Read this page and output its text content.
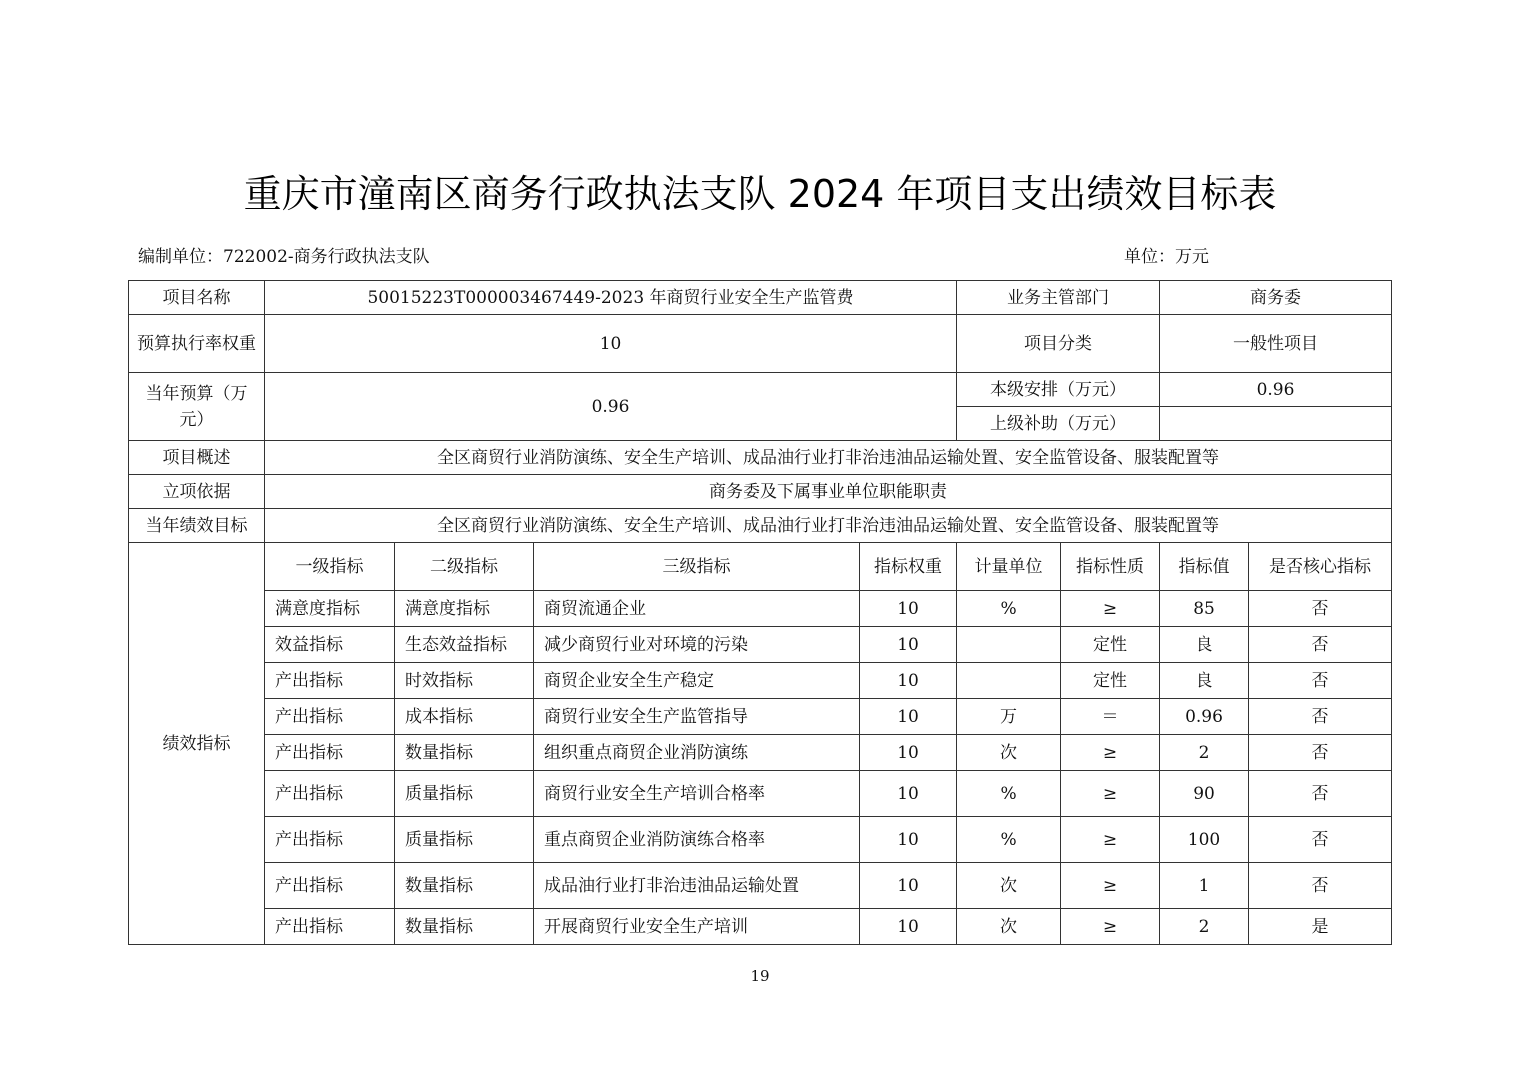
重庆市潼南区商务行政执法支队 2024 年项目支出绩效目标表
编制单位：722002-商务行政执法支队	单位：万元
项目名称	50015223T000003467449-2023 年商贸行业安全生产监管费				业务主管部门		商务委	
预算执行率权重	10				项目分类		一般性项目	
当年预算（万元）	0.96				本级安排（万元）		0.96	
					上级补助（万元）			
项目概述	全区商贸行业消防演练、安全生产培训、成品油行业打非治违油品运输处置、安全监管设备、服装配置等							
立项依据	商务委及下属事业单位职能职责							
当年绩效目标	全区商贸行业消防演练、安全生产培训、成品油行业打非治违油品运输处置、安全监管设备、服装配置等							
绩效指标	一级指标	二级指标	三级指标	指标权重	计量单位	指标性质	指标值	是否核心指标
	满意度指标	满意度指标	商贸流通企业	10	%	≥	85	否
	效益指标	生态效益指标	减少商贸行业对环境的污染	10		定性	良	否
	产出指标	时效指标	商贸企业安全生产稳定	10		定性	良	否
	产出指标	成本指标	商贸行业安全生产监管指导	10	万	＝	0.96	否
	产出指标	数量指标	组织重点商贸企业消防演练	10	次	≥	2	否
	产出指标	质量指标	商贸行业安全生产培训合格率	10	%	≥	90	否
	产出指标	质量指标	重点商贸企业消防演练合格率	10	%	≥	100	否
	产出指标	数量指标	成品油行业打非治违油品运输处置	10	次	≥	1	否
	产出指标	数量指标	开展商贸行业安全生产培训	10	次	≥	2	是
19
